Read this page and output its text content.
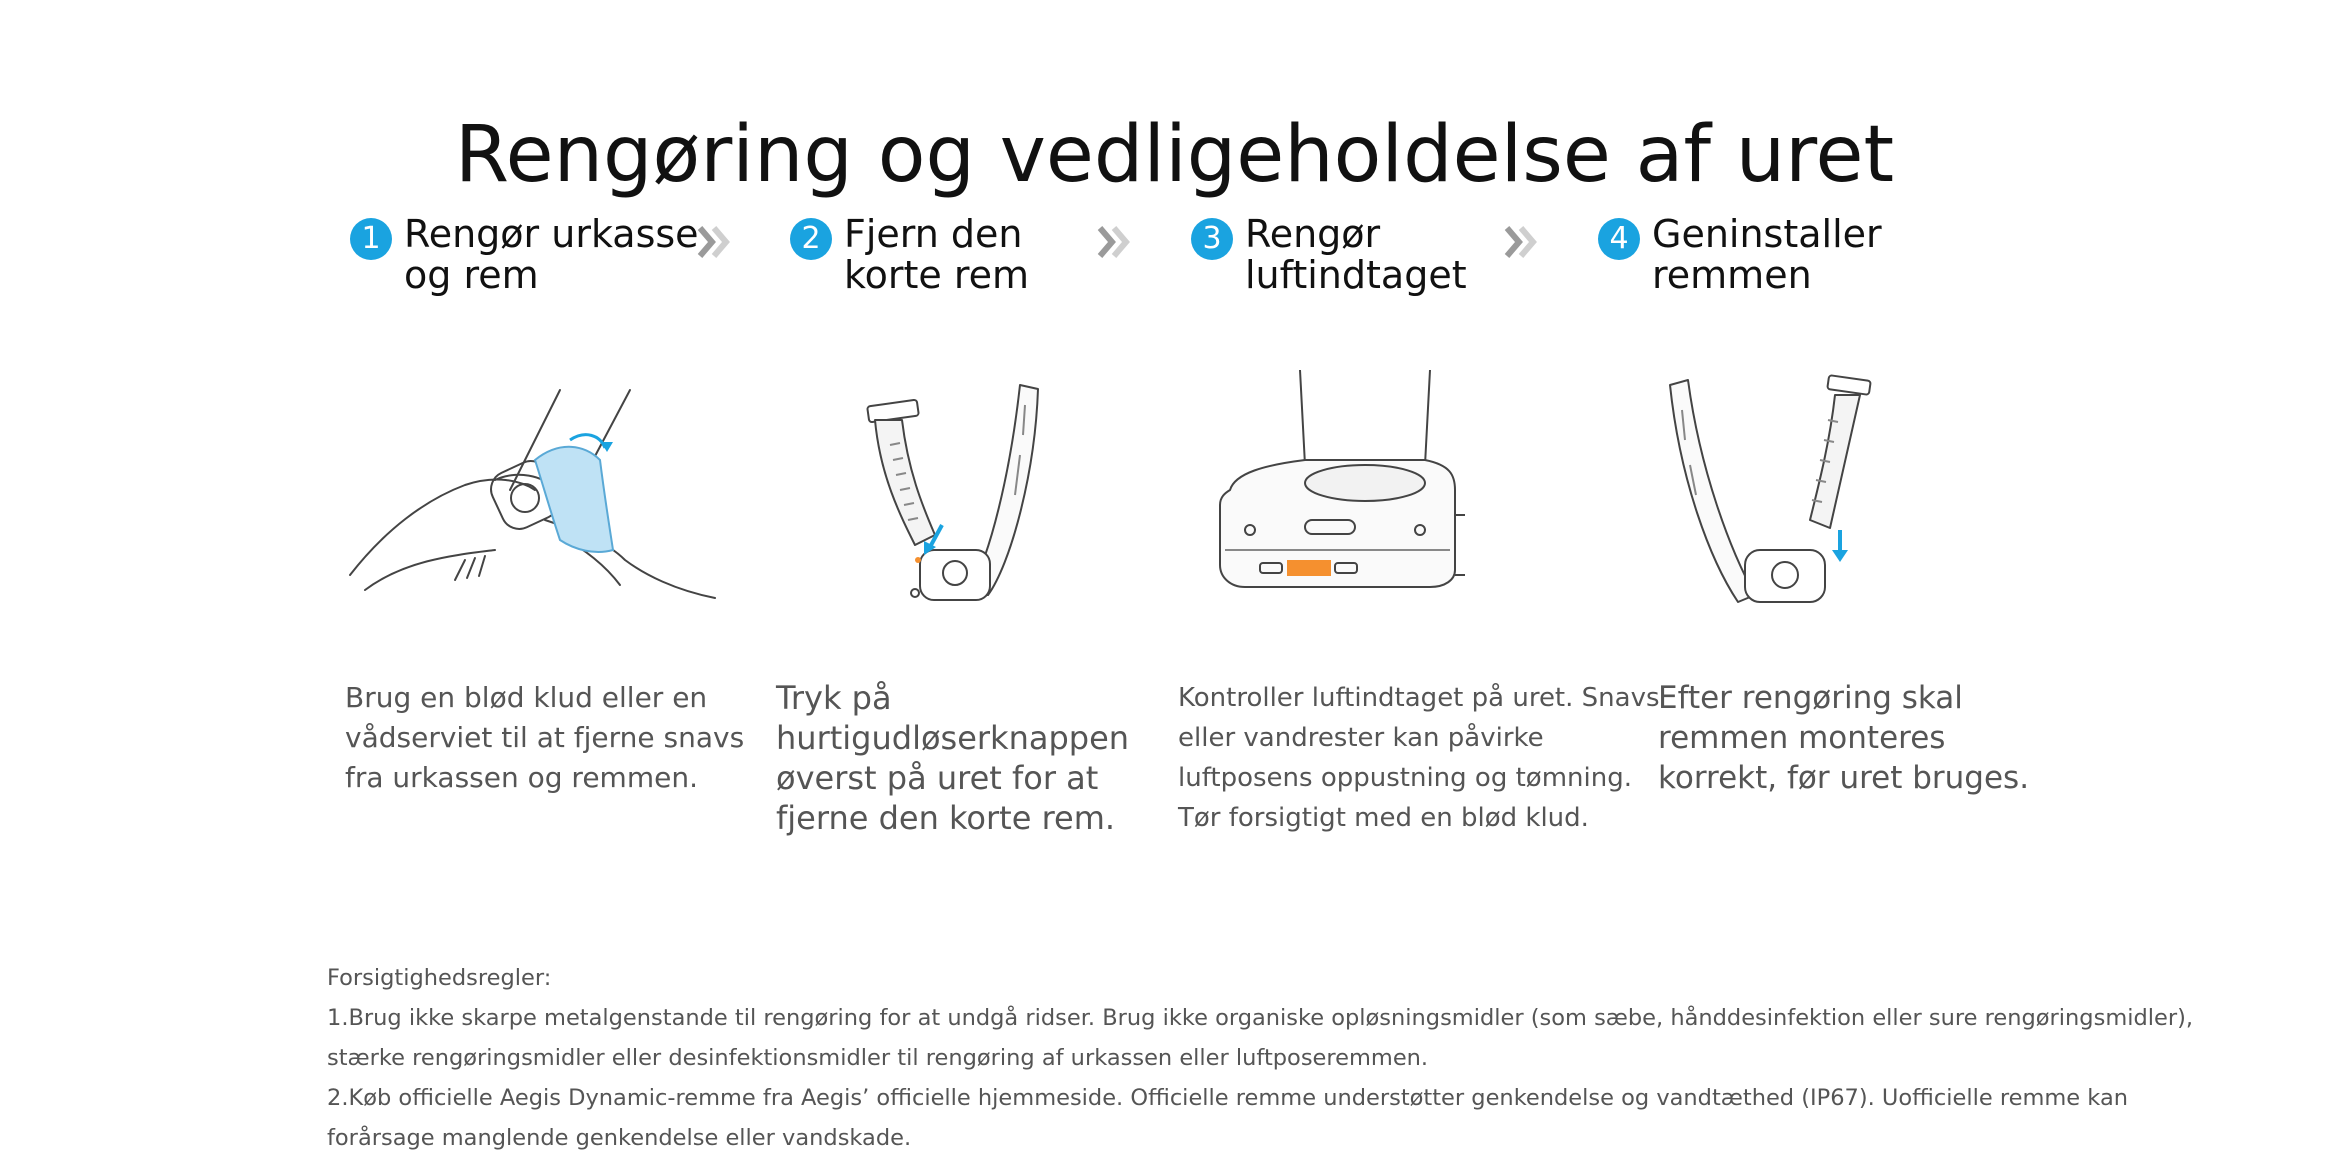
Rengøring og vedligeholdelse af uret
1 Rengør urkasse
og rem
2 Fjern den
korte rem
3 Rengør
luftindtaget
4 Geninstaller
remmen
Brug en blød klud eller en
vådserviet til at fjerne snavs
fra urkassen og remmen.
Tryk på
hurtigudløserknappen
øverst på uret for at
fjerne den korte rem.
Kontroller luftindtaget på uret. Snavs
eller vandrester kan påvirke
luftposens oppustning og tømning.
Tør forsigtigt med en blød klud.
Efter rengøring skal
remmen monteres
korrekt, før uret bruges.

Forsigtighedsregler:

1.Brug ikke skarpe metalgenstande til rengøring for at undgå ridser. Brug ikke organiske opløsningsmidler (som sæbe, hånddesinfektion eller sure rengøringsmidler),

stærke rengøringsmidler eller desinfektionsmidler til rengøring af urkassen eller luftposeremmen.

2.Køb officielle Aegis Dynamic-remme fra Aegis’ officielle hjemmeside. Officielle remme understøtter genkendelse og vandtæthed (IP67). Uofficielle remme kan

forårsage manglende genkendelse eller vandskade.
